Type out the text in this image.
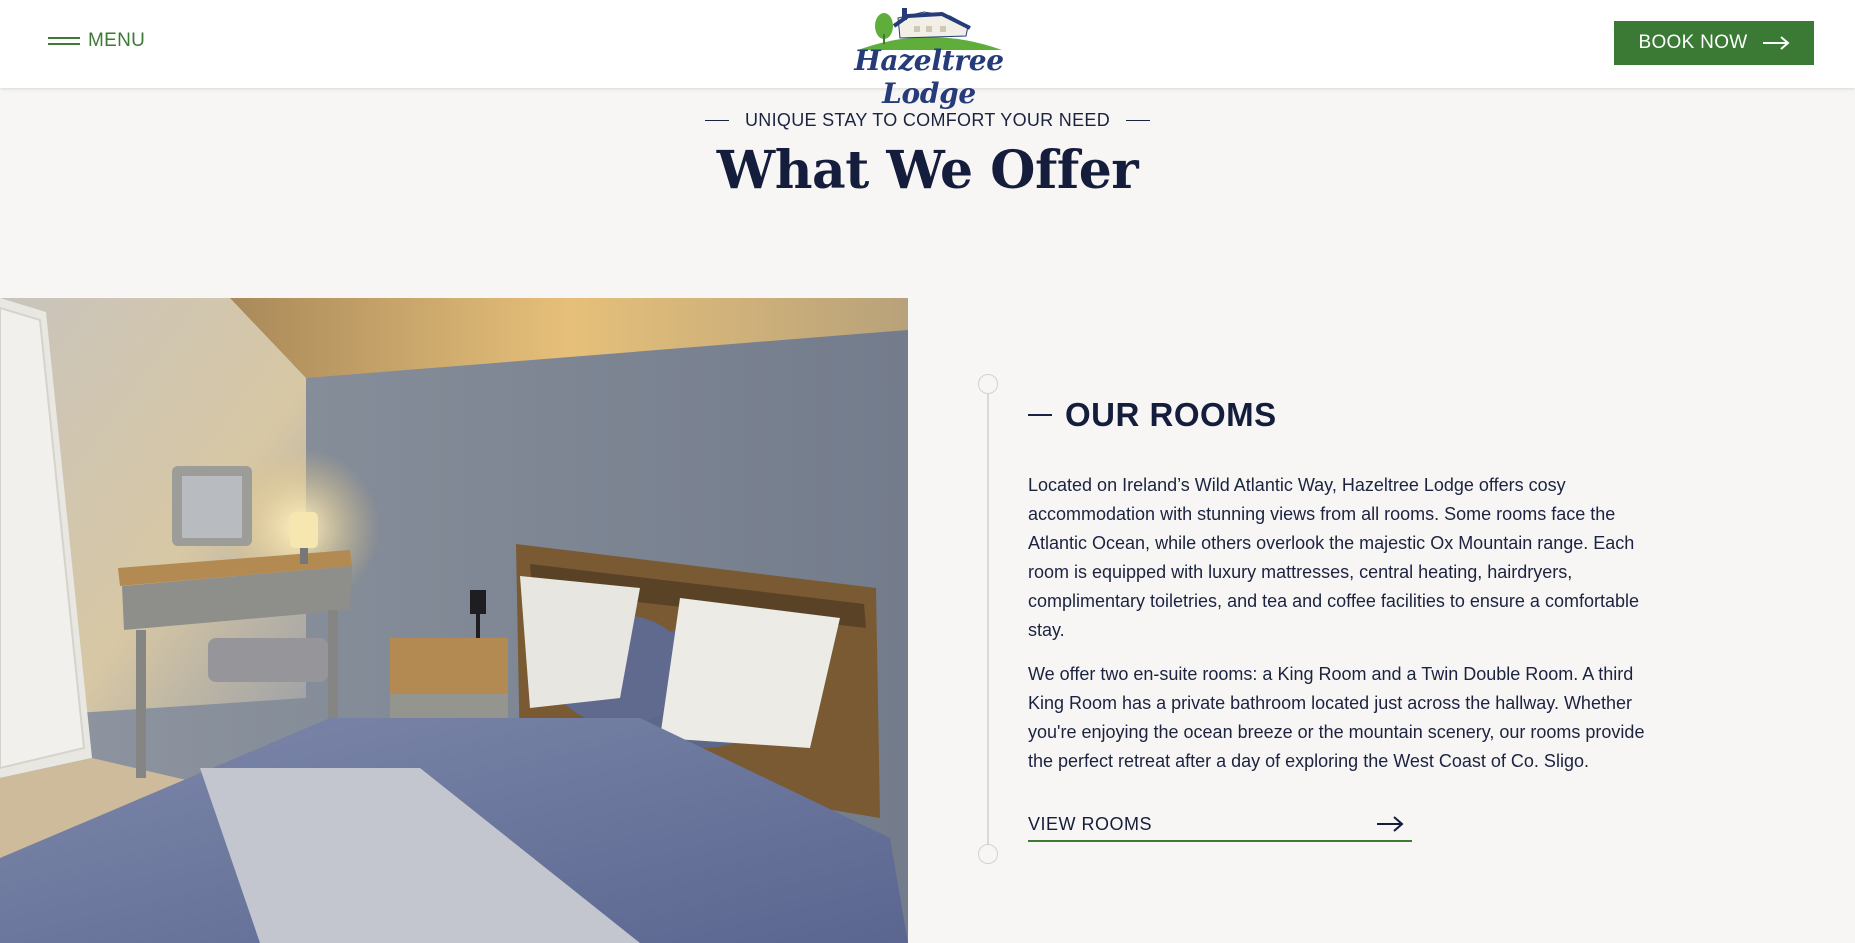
MENU
Hazeltree Lodge
BOOK NOW
UNIQUE STAY TO COMFORT YOUR NEED
What We Offer
OUR ROOMS

Located on Ireland’s Wild Atlantic Way, Hazeltree Lodge offers cosy accommodation with stunning views from all rooms. Some rooms face the Atlantic Ocean, while others overlook the majestic Ox Mountain range. Each room is equipped with luxury mattresses, central heating, hairdryers, complimentary toiletries, and tea and coffee facilities to ensure a comfortable stay.

We offer two en-suite rooms: a King Room and a Twin Double Room. A third King Room has a private bathroom located just across the hallway. Whether you're enjoying the ocean breeze or the mountain scenery, our rooms provide the perfect retreat after a day of exploring the West Coast of Co. Sligo.

VIEW ROOMS
